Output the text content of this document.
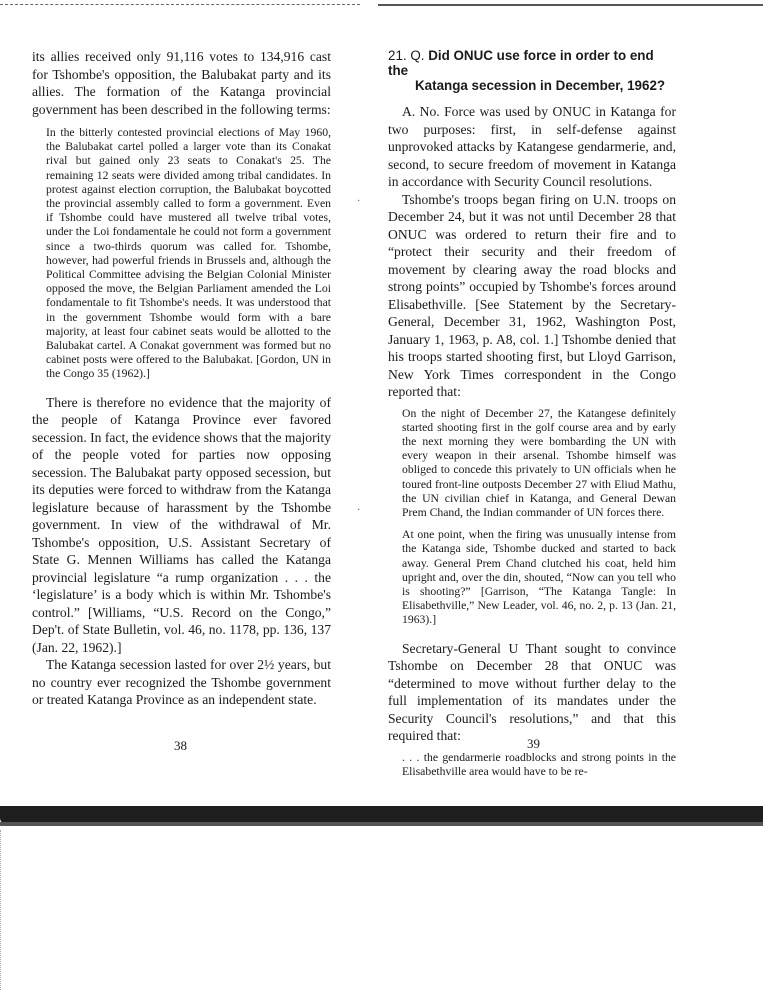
its allies received only 91,116 votes to 134,916 cast for Tshombe's opposition, the Balubakat party and its allies. The formation of the Katanga provincial government has been described in the following terms:

In the bitterly contested provincial elections of May 1960, the Balubakat cartel polled a larger vote than its Conakat rival but gained only 23 seats to Conakat's 25. The remaining 12 seats were divided among tribal candidates. In protest against election corruption, the Balubakat boycotted the provincial assembly called to form a government. Even if Tshombe could have mustered all twelve tribal votes, under the Loi fondamentale he could not form a government since a two-thirds quorum was called for. Tshombe, however, had powerful friends in Brussels and, although the Political Committee advising the Belgian Colonial Minister opposed the move, the Belgian Parliament amended the Loi fondamentale to fit Tshombe's needs. It was understood that in the government Tshombe would form with a bare majority, at least four cabinet seats would be allotted to the Balubakat cartel. A Conakat government was formed but no cabinet posts were offered to the Balubakat. [Gordon, UN in the Congo 35 (1962).]

There is therefore no evidence that the majority of the people of Katanga Province ever favored secession. In fact, the evidence shows that the majority of the people voted for parties now opposing secession. The Balubakat party opposed secession, but its deputies were forced to withdraw from the Katanga legislature because of harassment by the Tshombe government. In view of the withdrawal of Mr. Tshombe's opposition, U.S. Assistant Secretary of State G. Mennen Williams has called the Katanga provincial legislature “a rump organization . . . the ‘legislature’ is a body which is within Mr. Tshombe's control.” [Williams, “U.S. Record on the Congo,” Dep't. of State Bulletin, vol. 46, no. 1178, pp. 136, 137 (Jan. 22, 1962).]

The Katanga secession lasted for over 2½ years, but no country ever recognized the Tshombe government or treated Katanga Province as an independent state.

38
·
·
21. Q. Did ONUC use force in order to end the
Katanga secession in December, 1962?

A. No. Force was used by ONUC in Katanga for two purposes: first, in self-defense against unprovoked attacks by Katangese gendarmerie, and, second, to secure freedom of movement in Katanga in accordance with Security Council resolutions.

Tshombe's troops began firing on U.N. troops on December 24, but it was not until December 28 that ONUC was ordered to return their fire and to “protect their security and their freedom of movement by clearing away the road blocks and strong points” occupied by Tshombe's forces around Elisabethville. [See Statement by the Secretary-General, December 31, 1962, Washington Post, January 1, 1963, p. A8, col. 1.] Tshombe denied that his troops started shooting first, but Lloyd Garrison, New York Times correspondent in the Congo reported that:

On the night of December 27, the Katangese definitely started shooting first in the golf course area and by early the next morning they were bombarding the UN with every weapon in their arsenal. Tshombe himself was obliged to concede this privately to UN officials when he toured front-line outposts December 27 with Eliud Mathu, the UN civilian chief in Katanga, and General Dewan Prem Chand, the Indian commander of UN forces there.

At one point, when the firing was unusually intense from the Katanga side, Tshombe ducked and started to back away. General Prem Chand clutched his coat, held him upright and, over the din, shouted, “Now can you tell who is shooting?” [Garrison, “The Katanga Tangle: In Elisabethville,” New Leader, vol. 46, no. 2, p. 13 (Jan. 21, 1963).]

Secretary-General U Thant sought to convince Tshombe on December 28 that ONUC was “determined to move without further delay to the full implementation of its mandates under the Security Council's resolutions,” and that this required that:

. . . the gendarmerie roadblocks and strong points in the Elisabethville area would have to be re-

39
